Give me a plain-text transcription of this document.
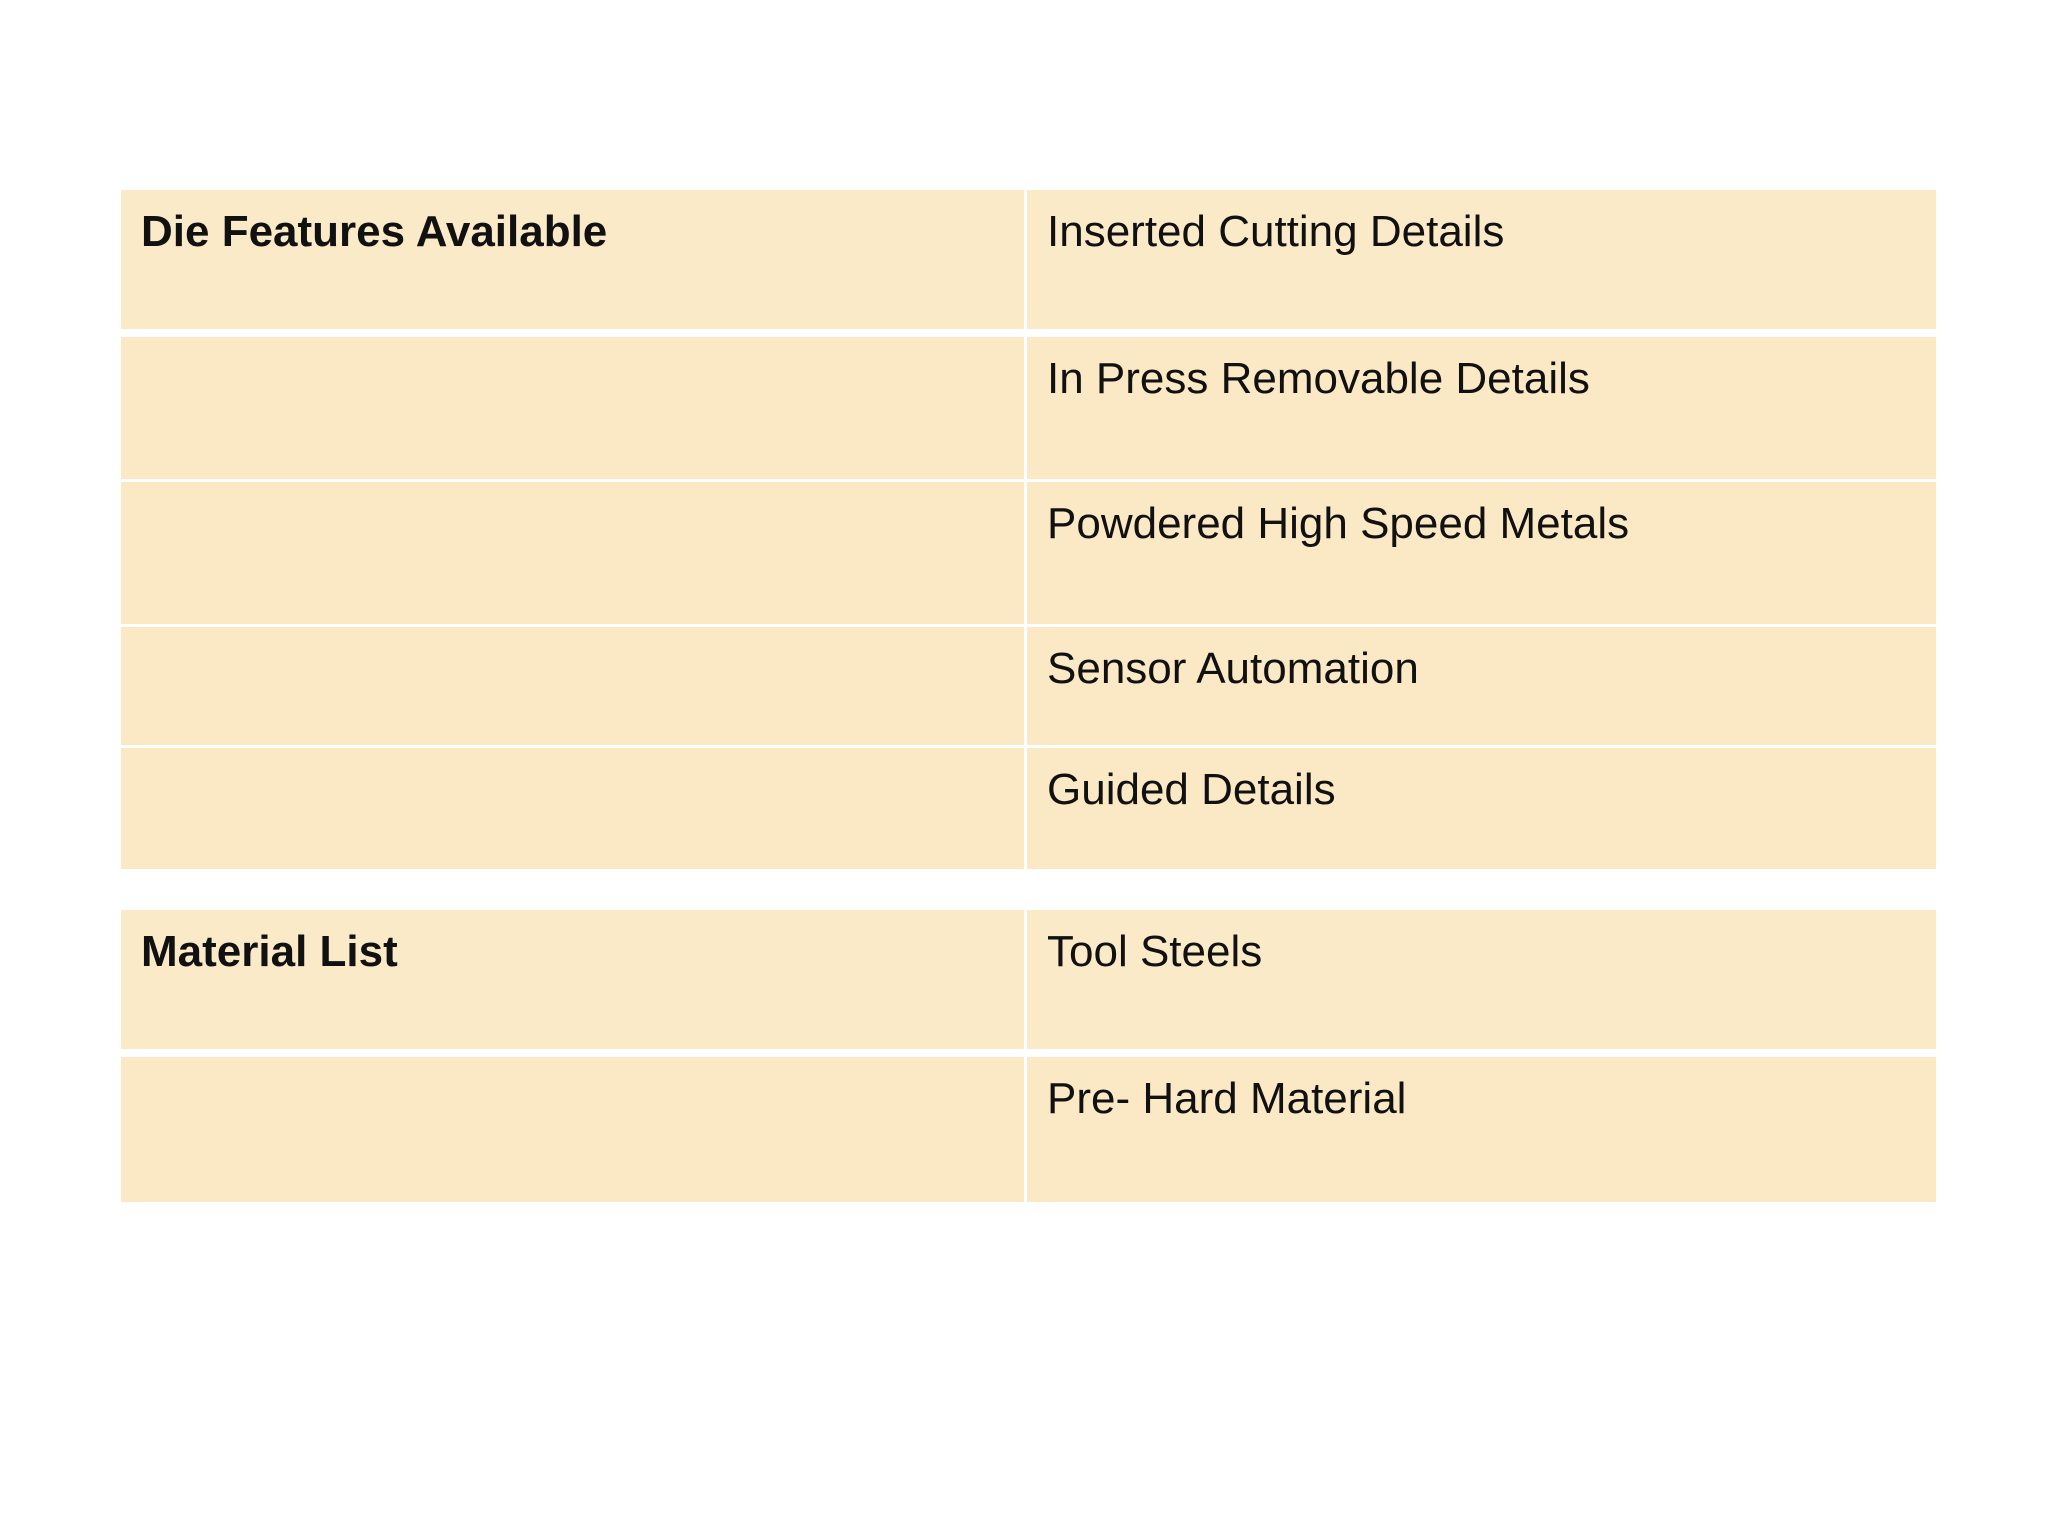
Die Features Available	Inserted Cutting Details
In Press Removable Details
Powdered High Speed Metals
Sensor Automation
Guided Details
Material List	Tool Steels
Pre- Hard Material
